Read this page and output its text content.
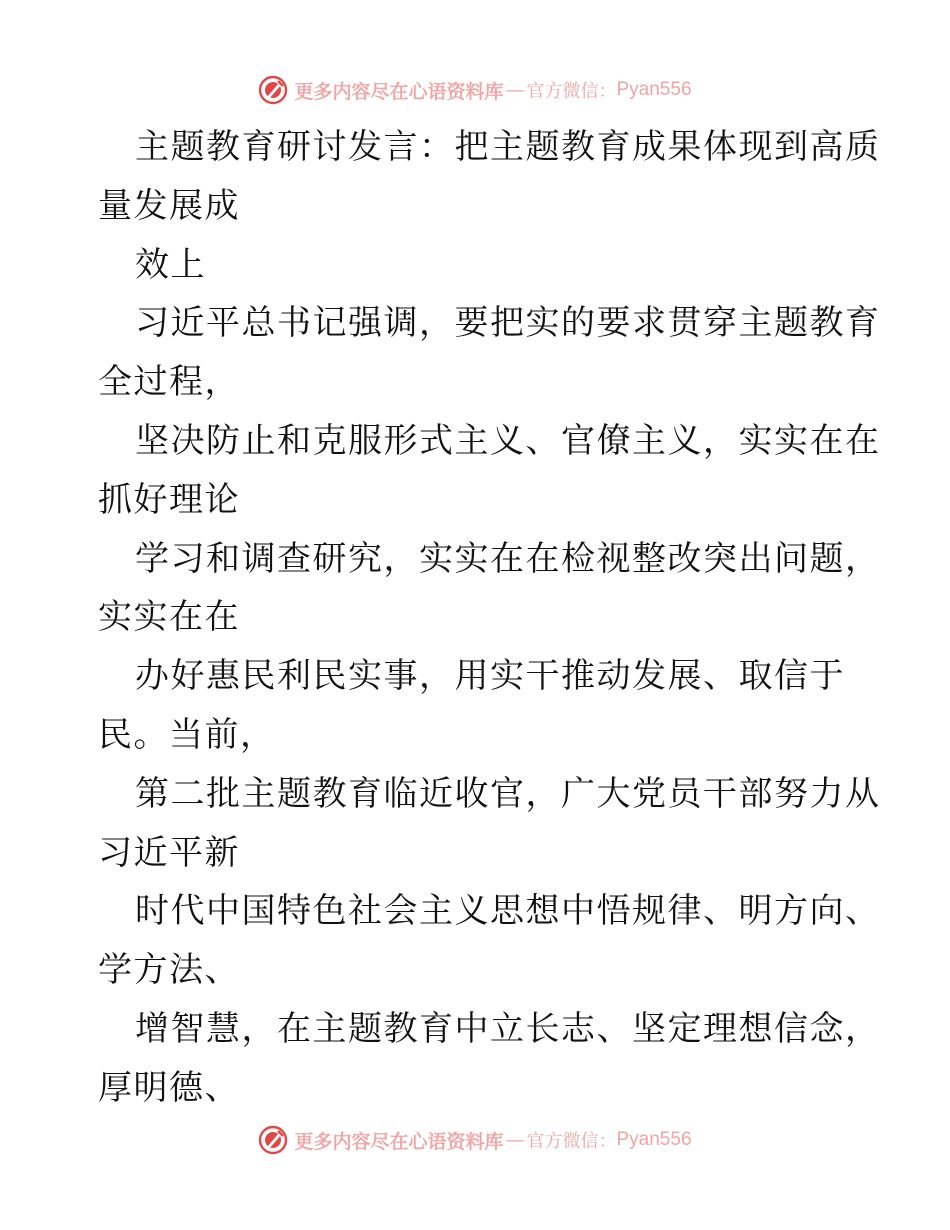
更多内容尽在心语资料库 — 官方微信： Pyan556
主题教育研讨发言：把主题教育成果体现到高质
量发展成
效上
习近平总书记强调，要把实的要求贯穿主题教育
全过程，
坚决防止和克服形式主义、官僚主义，实实在在
抓好理论
学习和调查研究，实实在在检视整改突出问题，
实实在在
办好惠民利民实事，用实干推动发展、取信于
民。当前，
第二批主题教育临近收官，广大党员干部努力从
习近平新
时代中国特色社会主义思想中悟规律、明方向、
学方法、
增智慧，在主题教育中立长志、坚定理想信念，
厚明德、
更多内容尽在心语资料库 — 官方微信： Pyan556
